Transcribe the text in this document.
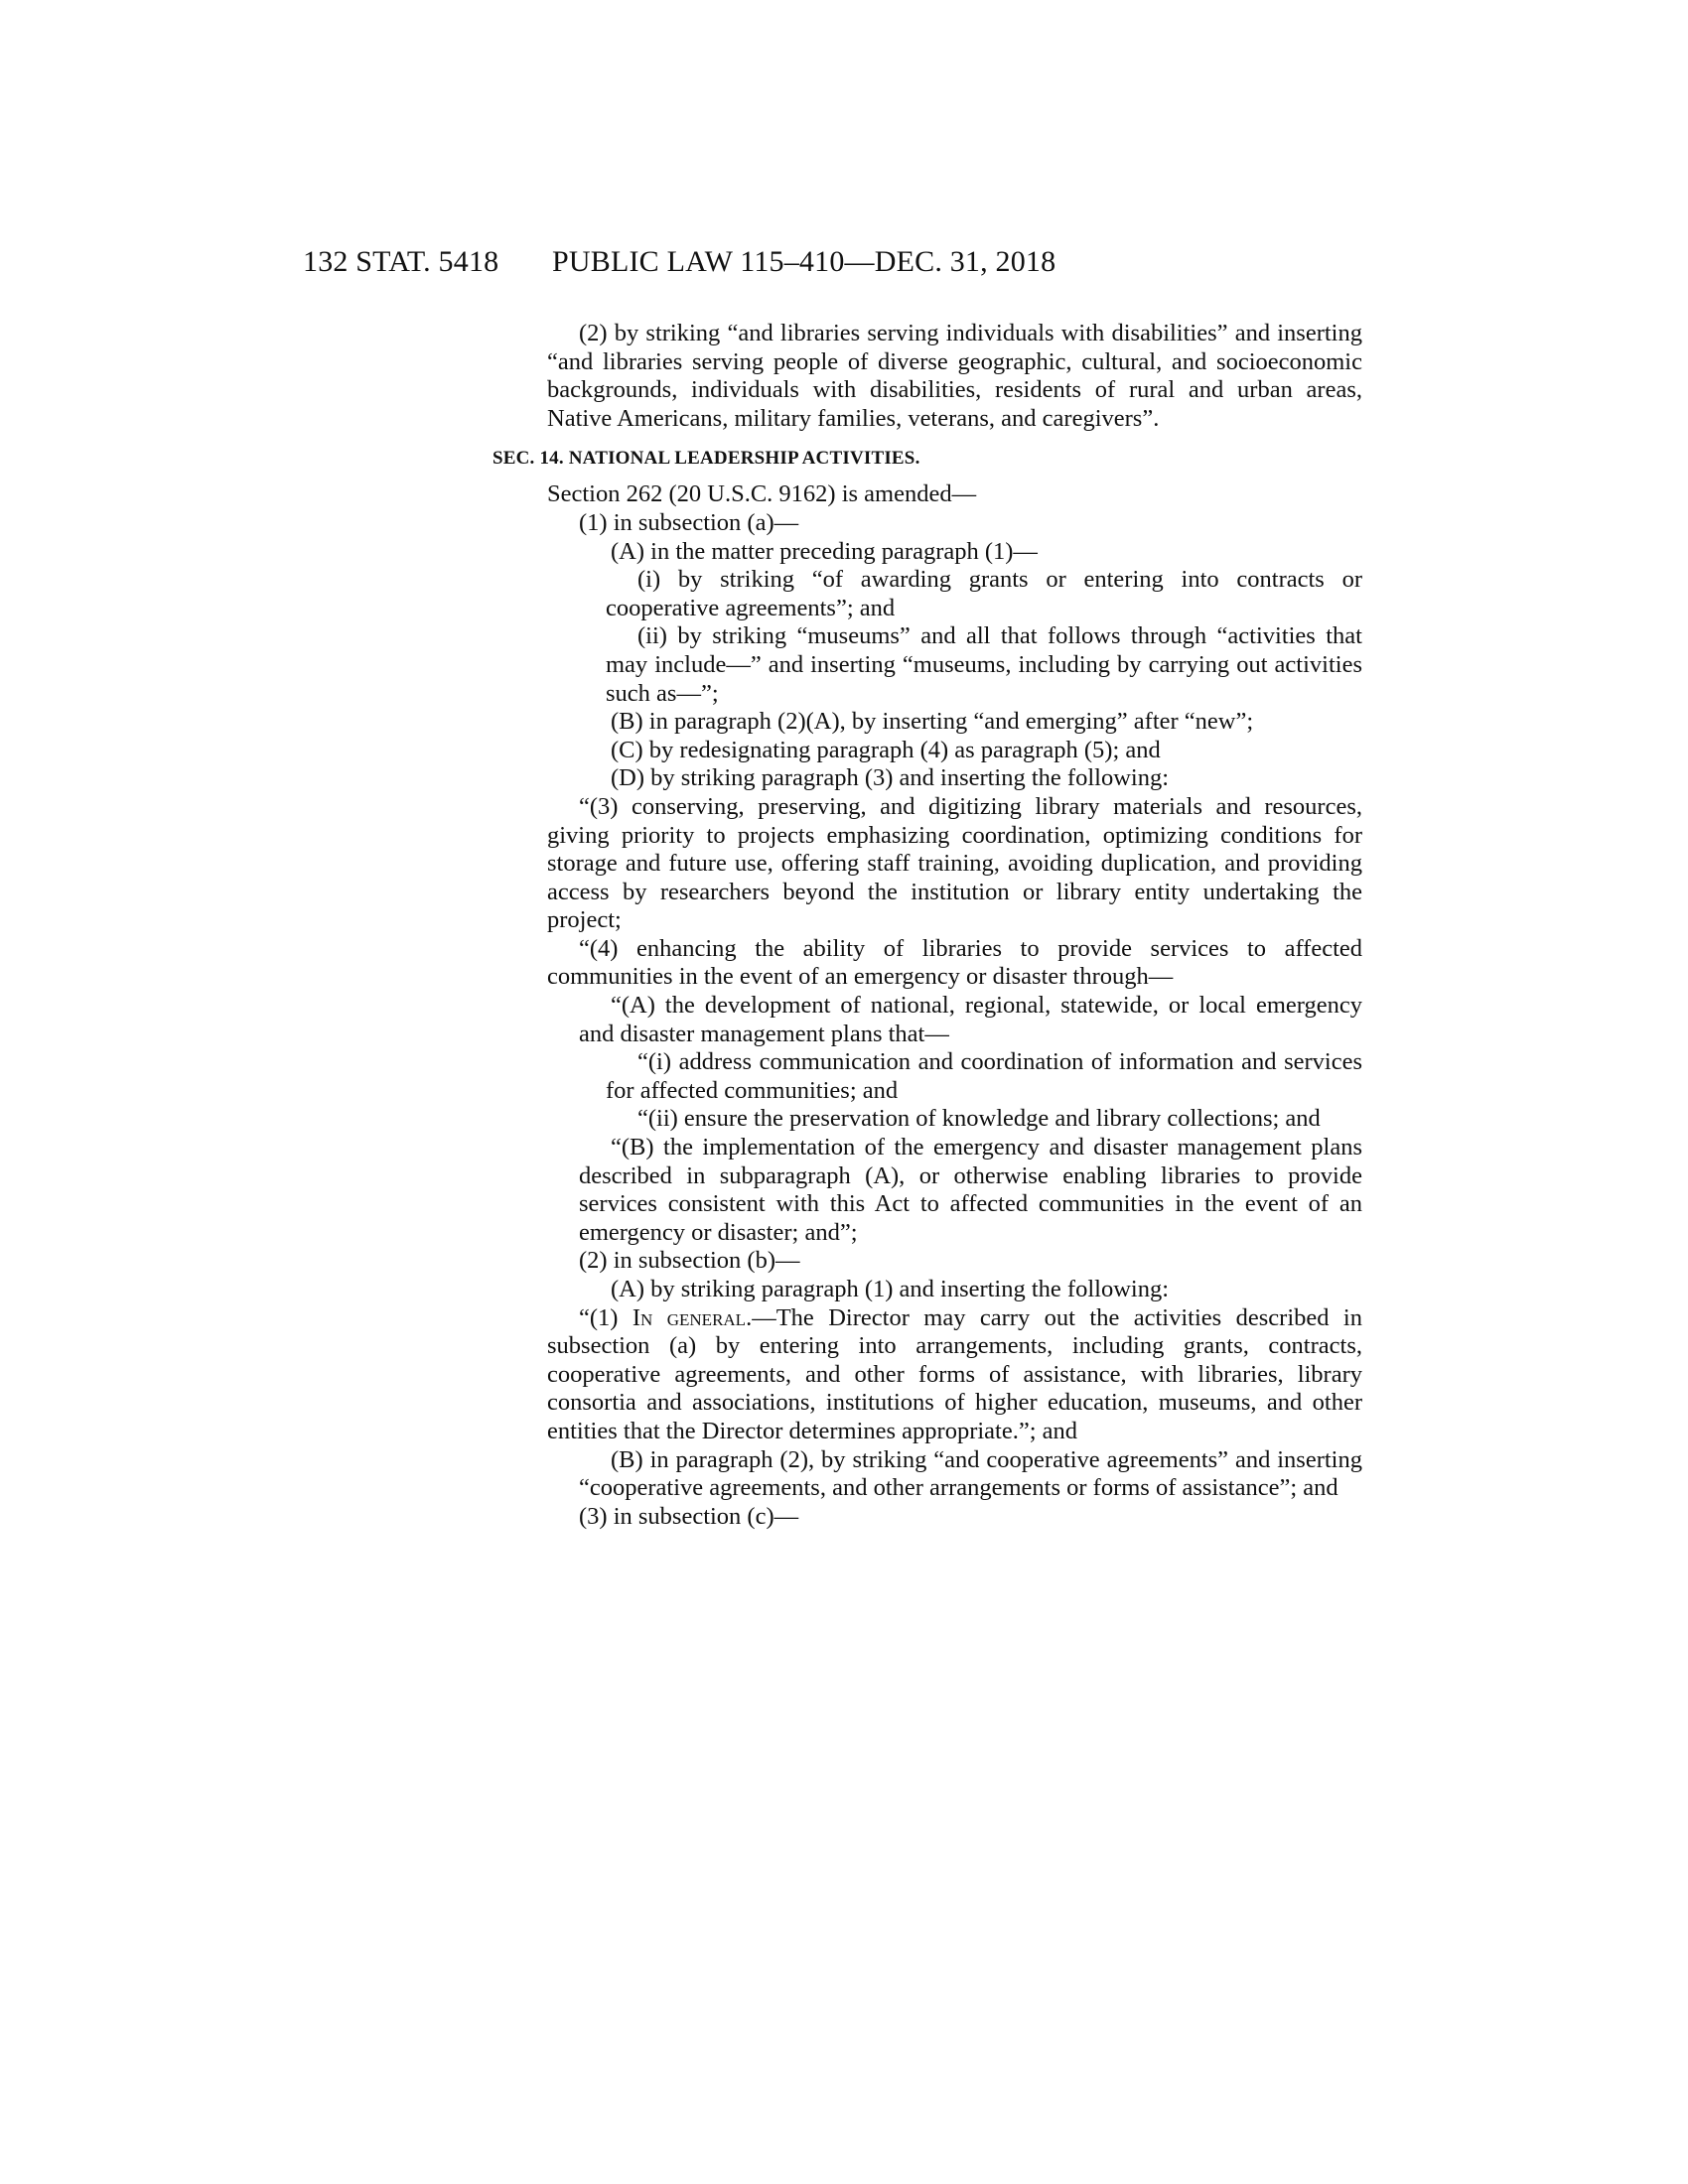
132 STAT. 5418 PUBLIC LAW 115–410—DEC. 31, 2018

(2) by striking “and libraries serving individuals with disabilities” and inserting “and libraries serving people of diverse geographic, cultural, and socioeconomic backgrounds, individuals with disabilities, residents of rural and urban areas, Native Americans, military families, veterans, and caregivers”.

SEC. 14. NATIONAL LEADERSHIP ACTIVITIES.

Section 262 (20 U.S.C. 9162) is amended—

(1) in subsection (a)—

(A) in the matter preceding paragraph (1)—

(i) by striking “of awarding grants or entering into contracts or cooperative agreements”; and

(ii) by striking “museums” and all that follows through “activities that may include—” and inserting “museums, including by carrying out activities such as—”;

(B) in paragraph (2)(A), by inserting “and emerging” after “new”;

(C) by redesignating paragraph (4) as paragraph (5); and

(D) by striking paragraph (3) and inserting the following:

“(3) conserving, preserving, and digitizing library materials and resources, giving priority to projects emphasizing coordination, optimizing conditions for storage and future use, offering staff training, avoiding duplication, and providing access by researchers beyond the institution or library entity undertaking the project;

“(4) enhancing the ability of libraries to provide services to affected communities in the event of an emergency or disaster through—

“(A) the development of national, regional, statewide, or local emergency and disaster management plans that—

“(i) address communication and coordination of information and services for affected communities; and

“(ii) ensure the preservation of knowledge and library collections; and

“(B) the implementation of the emergency and disaster management plans described in subparagraph (A), or otherwise enabling libraries to provide services consistent with this Act to affected communities in the event of an emergency or disaster; and”;

(2) in subsection (b)—

(A) by striking paragraph (1) and inserting the following:

“(1) In general.—The Director may carry out the activities described in subsection (a) by entering into arrangements, including grants, contracts, cooperative agreements, and other forms of assistance, with libraries, library consortia and associations, institutions of higher education, museums, and other entities that the Director determines appropriate.”; and

(B) in paragraph (2), by striking “and cooperative agreements” and inserting “cooperative agreements, and other arrangements or forms of assistance”; and

(3) in subsection (c)—
